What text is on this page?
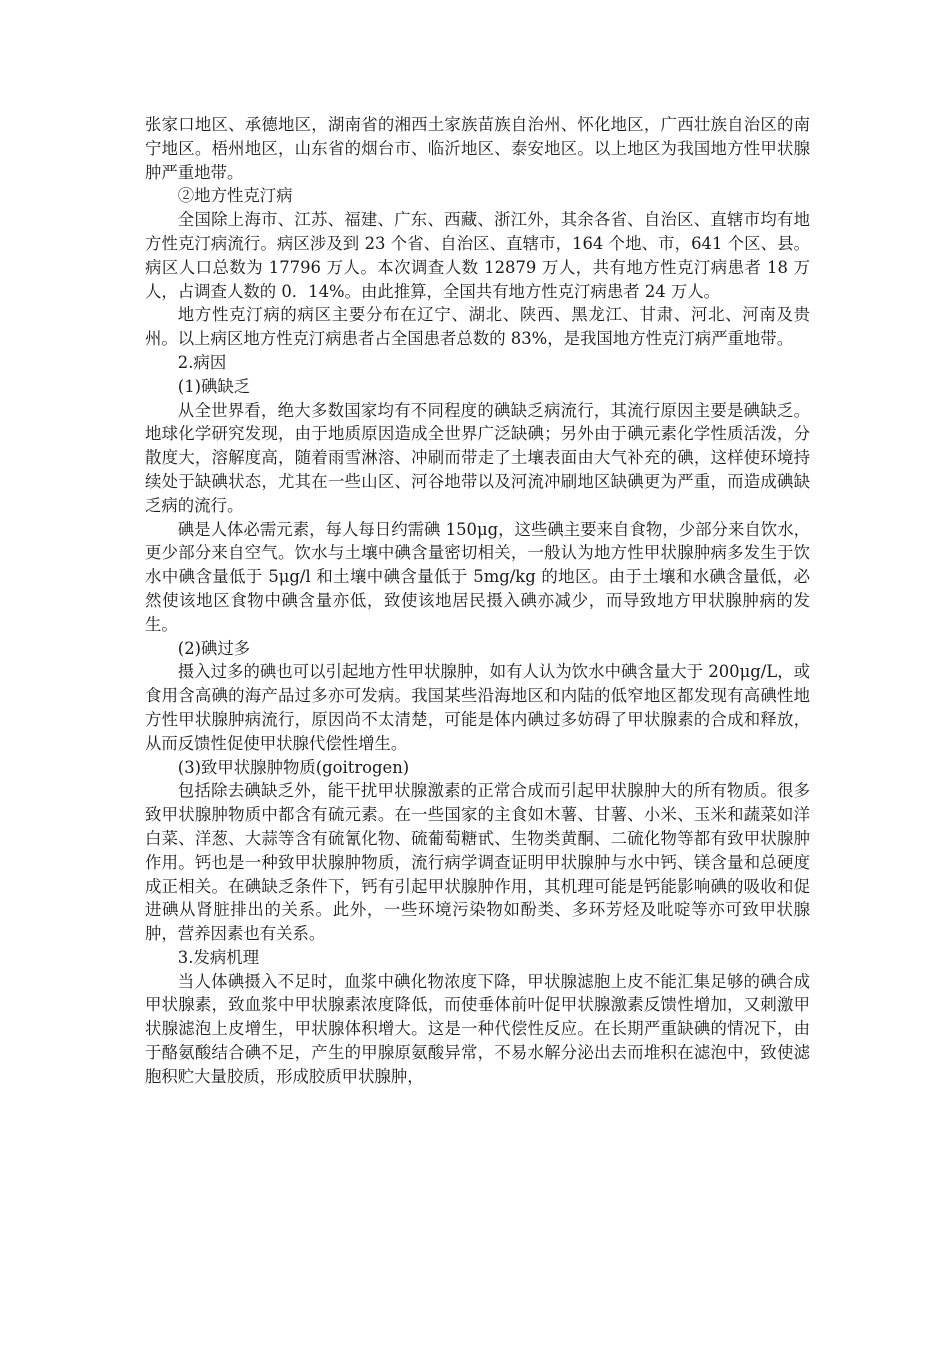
张家口地区、承德地区，湖南省的湘西土家族苗族自治州、怀化地区，广西壮族自治区的南宁地区。梧州地区，山东省的烟台市、临沂地区、泰安地区。以上地区为我国地方性甲状腺肿严重地带。

②地方性克汀病

全国除上海市、江苏、福建、广东、西藏、浙江外，其余各省、自治区、直辖市均有地方性克汀病流行。病区涉及到 23 个省、自治区、直辖市，164 个地、市，641 个区、县。病区人口总数为 17796 万人。本次调查人数 12879 万人，共有地方性克汀病患者 18 万人，占调查人数的 0．14%。由此推算，全国共有地方性克汀病患者 24 万人。

地方性克汀病的病区主要分布在辽宁、湖北、陕西、黑龙江、甘肃、河北、河南及贵州。以上病区地方性克汀病患者占全国患者总数的 83%，是我国地方性克汀病严重地带。

2.病因

(1)碘缺乏

从全世界看，绝大多数国家均有不同程度的碘缺乏病流行，其流行原因主要是碘缺乏。地球化学研究发现，由于地质原因造成全世界广泛缺碘；另外由于碘元素化学性质活泼，分散度大，溶解度高，随着雨雪淋溶、冲刷而带走了土壤表面由大气补充的碘，这样使环境持续处于缺碘状态，尤其在一些山区、河谷地带以及河流冲刷地区缺碘更为严重，而造成碘缺乏病的流行。

碘是人体必需元素，每人每日约需碘 150μg，这些碘主要来自食物，少部分来自饮水，更少部分来自空气。饮水与土壤中碘含量密切相关，一般认为地方性甲状腺肿病多发生于饮水中碘含量低于 5μg/l 和土壤中碘含量低于 5mg/kg 的地区。由于土壤和水碘含量低，必然使该地区食物中碘含量亦低，致使该地居民摄入碘亦减少，而导致地方甲状腺肿病的发生。

(2)碘过多

摄入过多的碘也可以引起地方性甲状腺肿，如有人认为饮水中碘含量大于 200μg/L，或食用含高碘的海产品过多亦可发病。我国某些沿海地区和内陆的低窄地区都发现有高碘性地方性甲状腺肿病流行，原因尚不太清楚，可能是体内碘过多妨碍了甲状腺素的合成和释放，从而反馈性促使甲状腺代偿性增生。

(3)致甲状腺肿物质(goitrogen)

包括除去碘缺乏外，能干扰甲状腺激素的正常合成而引起甲状腺肿大的所有物质。很多致甲状腺肿物质中都含有硫元素。在一些国家的主食如木薯、甘薯、小米、玉米和蔬菜如洋白菜、洋葱、大蒜等含有硫氰化物、硫葡萄糖甙、生物类黄酮、二硫化物等都有致甲状腺肿作用。钙也是一种致甲状腺肿物质，流行病学调查证明甲状腺肿与水中钙、镁含量和总硬度成正相关。在碘缺乏条件下，钙有引起甲状腺肿作用，其机理可能是钙能影响碘的吸收和促进碘从肾脏排出的关系。此外，一些环境污染物如酚类、多环芳烃及吡啶等亦可致甲状腺肿，营养因素也有关系。

3.发病机理

当人体碘摄入不足时，血浆中碘化物浓度下降，甲状腺滤胞上皮不能汇集足够的碘合成甲状腺素，致血浆中甲状腺素浓度降低，而使垂体前叶促甲状腺激素反馈性增加，又刺激甲状腺滤泡上皮增生，甲状腺体积增大。这是一种代偿性反应。在长期严重缺碘的情况下，由于酪氨酸结合碘不足，产生的甲腺原氨酸异常，不易水解分泌出去而堆积在滤泡中，致使滤胞积贮大量胶质，形成胶质甲状腺肿，
